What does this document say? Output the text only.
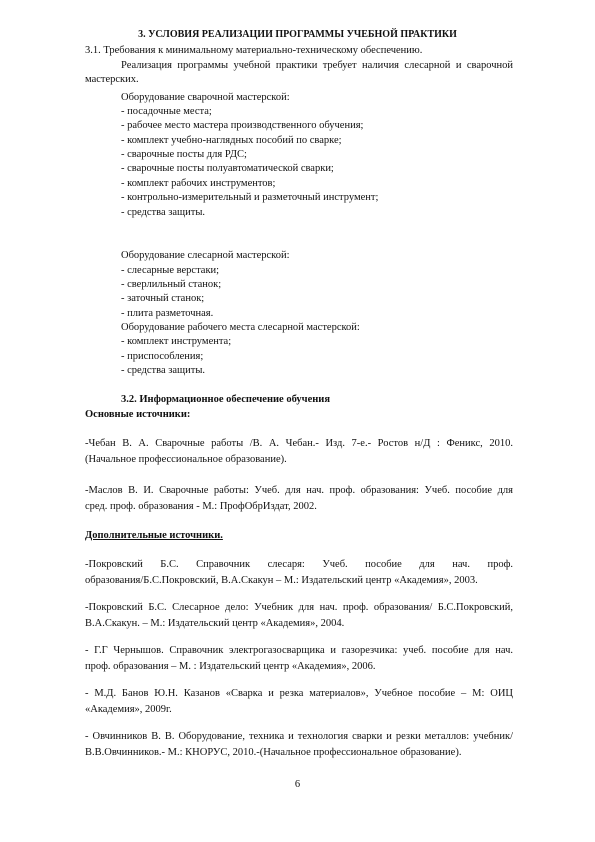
3. УСЛОВИЯ РЕАЛИЗАЦИИ ПРОГРАММЫ УЧЕБНОЙ ПРАКТИКИ
3.1. Требования к минимальному материально-техническому обеспечению.
Реализация программы учебной практики требует наличия слесарной и сварочной
мастерских.
Оборудование сварочной мастерской:
- посадочные места;
- рабочее место мастера производственного обучения;
- комплект учебно-наглядных пособий по сварке;
- сварочные посты для РДС;
- сварочные посты полуавтоматической сварки;
- комплект рабочих инструментов;
- контрольно-измерительный и разметочный инструмент;
- средства защиты.
Оборудование слесарной мастерской:
- слесарные верстаки;
- сверлильный станок;
- заточный станок;
- плита разметочная.
Оборудование рабочего места слесарной мастерской:
- комплект инструмента;
- приспособления;
- средства защиты.
3.2. Информационное обеспечение обучения
Основные источники:
-Чебан В. А. Сварочные работы /В. А. Чебан.- Изд. 7-е.- Ростов н/Д : Феникс, 2010.
(Начальное профессиональное образование).
-Маслов В. И. Сварочные работы: Учеб. для нач. проф. образования: Учеб. пособие для
сред. проф. образования - М.: ПрофОбрИздат, 2002.
Дополнительные источники.
-Покровский Б.С. Справочник слесаря: Учеб. пособие для нач. проф.
образования/Б.С.Покровский, В.А.Скакун – М.: Издательский центр «Академия», 2003.
-Покровский Б.С. Слесарное дело: Учебник для нач. проф. образования/ Б.С.Покровский,
В.А.Скакун. – М.: Издательский центр «Академия», 2004.
- Г.Г Чернышов. Справочник электрогазосварщика и газорезчика: учеб. пособие для нач.
проф. образования – М. : Издательский центр «Академия», 2006.
- М.Д. Банов Ю.Н. Казанов «Сварка и резка материалов», Учебное пособие – М: ОИЦ
«Академия», 2009г.
- Овчинников В. В. Оборудование, техника и технология сварки и резки металлов: учебник/
В.В.Овчинников.- М.: КНОРУС, 2010.-(Начальное профессиональное образование).
6
